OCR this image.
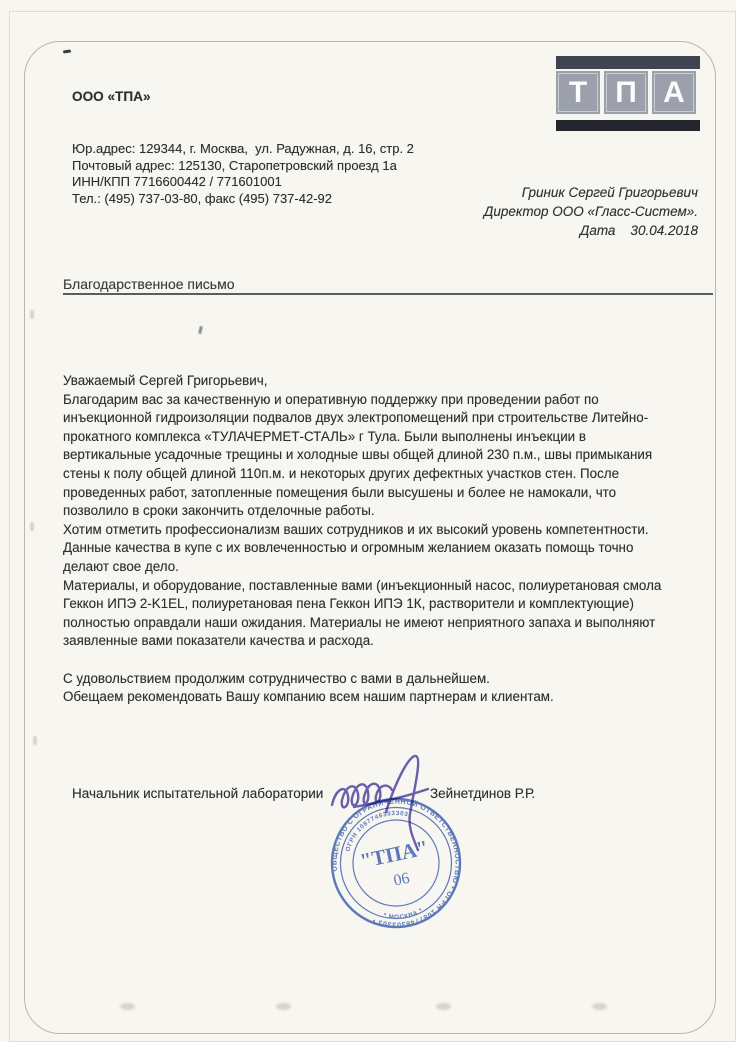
ООО «ТПА»

Юр.адрес: 129344, г. Москва,  ул. Радужная, д. 16, стр. 2
Почтовый адрес: 125130, Старопетровский проезд 1а
ИНН/КПП 7716600442 / 771601001
Тел.: (495) 737-03-80, факс (495) 737-42-92

Т П А
Гриник Сергей Григорьевич
Директор ООО «Гласс-Систем».
Дата    30.04.2018
Благодарственное письмо
Уважаемый Сергей Григорьевич,
Благодарим вас за качественную и оперативную поддержку при проведении работ по
инъекционной гидроизоляции подвалов двух электропомещений при строительстве Литейно-
прокатного комплекса «ТУЛАЧЕРМЕТ-СТАЛЬ» г Тула. Были выполнены инъекции в
вертикальные усадочные трещины и холодные швы общей длиной 230 п.м., швы примыкания
стены к полу общей длиной 110п.м. и некоторых других дефектных участков стен. После
проведенных работ, затопленные помещения были высушены и более не намокали, что
позволило в сроки закончить отделочные работы.
Хотим отметить профессионализм ваших сотрудников и их высокий уровень компетентности.
Данные качества в купе с их вовлеченностью и огромным желанием оказать помощь точно
делают свое дело.
Материалы, и оборудование, поставленные вами (инъекционный насос, полиуретановая смола
Геккон ИПЭ 2-K1EL, полиуретановая пена Геккон ИПЭ 1К, растворители и комплектующие)
полностью оправдали наши ожидания. Материалы не имеют неприятного запаха и выполняют
заявленные вами показатели качества и расхода.

С удовольствием продолжим сотрудничество с вами в дальнейшем.
Обещаем рекомендовать Вашу компанию всем нашим партнерам и клиентам.
Начальник испытательной лаборатории	Зейнетдинов Р.Р.
ОБЩЕСТВО С ОГРАНИЧЕННОЙ ОТВЕТСТВЕННОСТЬЮ • ОГРН 1087746303303 •
ОГРН 1087746303303
* МОСКВА *
"ТПА"
06
